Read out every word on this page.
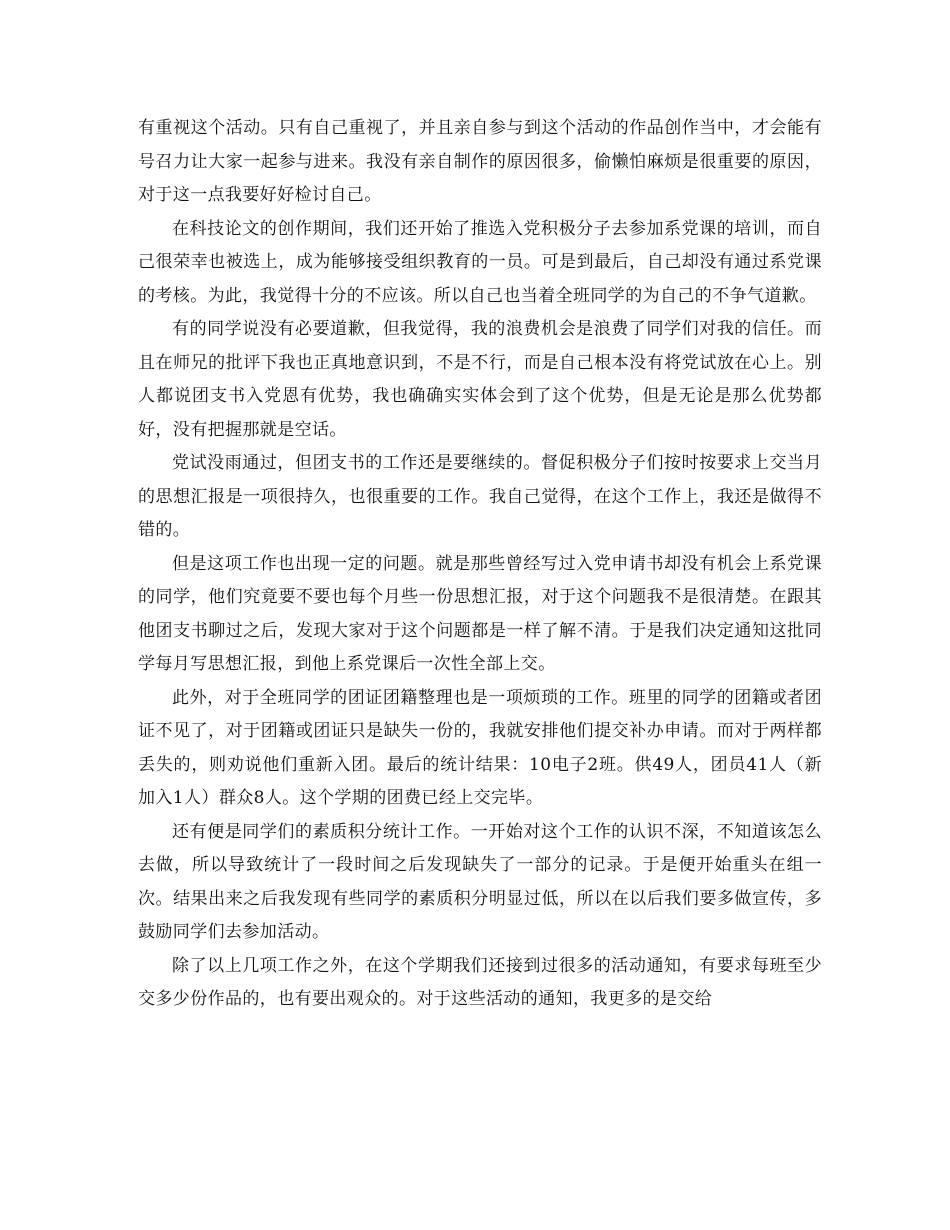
有重视这个活动。只有自己重视了，并且亲自参与到这个活动的作品创作当中，才会能有号召力让大家一起参与进来。我没有亲自制作的原因很多，偷懒怕麻烦是很重要的原因，对于这一点我要好好检讨自己。

在科技论文的创作期间，我们还开始了推选入党积极分子去参加系党课的培训，而自己很荣幸也被选上，成为能够接受组织教育的一员。可是到最后，自己却没有通过系党课的考核。为此，我觉得十分的不应该。所以自己也当着全班同学的为自己的不争气道歉。

有的同学说没有必要道歉，但我觉得，我的浪费机会是浪费了同学们对我的信任。而且在师兄的批评下我也正真地意识到，不是不行，而是自己根本没有将党试放在心上。别人都说团支书入党恩有优势，我也确确实实体会到了这个优势，但是无论是那么优势都好，没有把握那就是空话。

党试没雨通过，但团支书的工作还是要继续的。督促积极分子们按时按要求上交当月的思想汇报是一项很持久，也很重要的工作。我自己觉得，在这个工作上，我还是做得不错的。

但是这项工作也出现一定的问题。就是那些曾经写过入党申请书却没有机会上系党课的同学，他们究竟要不要也每个月些一份思想汇报，对于这个问题我不是很清楚。在跟其他团支书聊过之后，发现大家对于这个问题都是一样了解不清。于是我们决定通知这批同学每月写思想汇报，到他上系党课后一次性全部上交。

此外，对于全班同学的团证团籍整理也是一项烦琐的工作。班里的同学的团籍或者团证不见了，对于团籍或团证只是缺失一份的，我就安排他们提交补办申请。而对于两样都丢失的，则劝说他们重新入团。最后的统计结果：10电子2班。供49人，团员41人（新加入1人）群众8人。这个学期的团费已经上交完毕。

还有便是同学们的素质积分统计工作。一开始对这个工作的认识不深，不知道该怎么去做，所以导致统计了一段时间之后发现缺失了一部分的记录。于是便开始重头在组一次。结果出来之后我发现有些同学的素质积分明显过低，所以在以后我们要多做宣传，多鼓励同学们去参加活动。

除了以上几项工作之外，在这个学期我们还接到过很多的活动通知，有要求每班至少交多少份作品的，也有要出观众的。对于这些活动的通知，我更多的是交给
